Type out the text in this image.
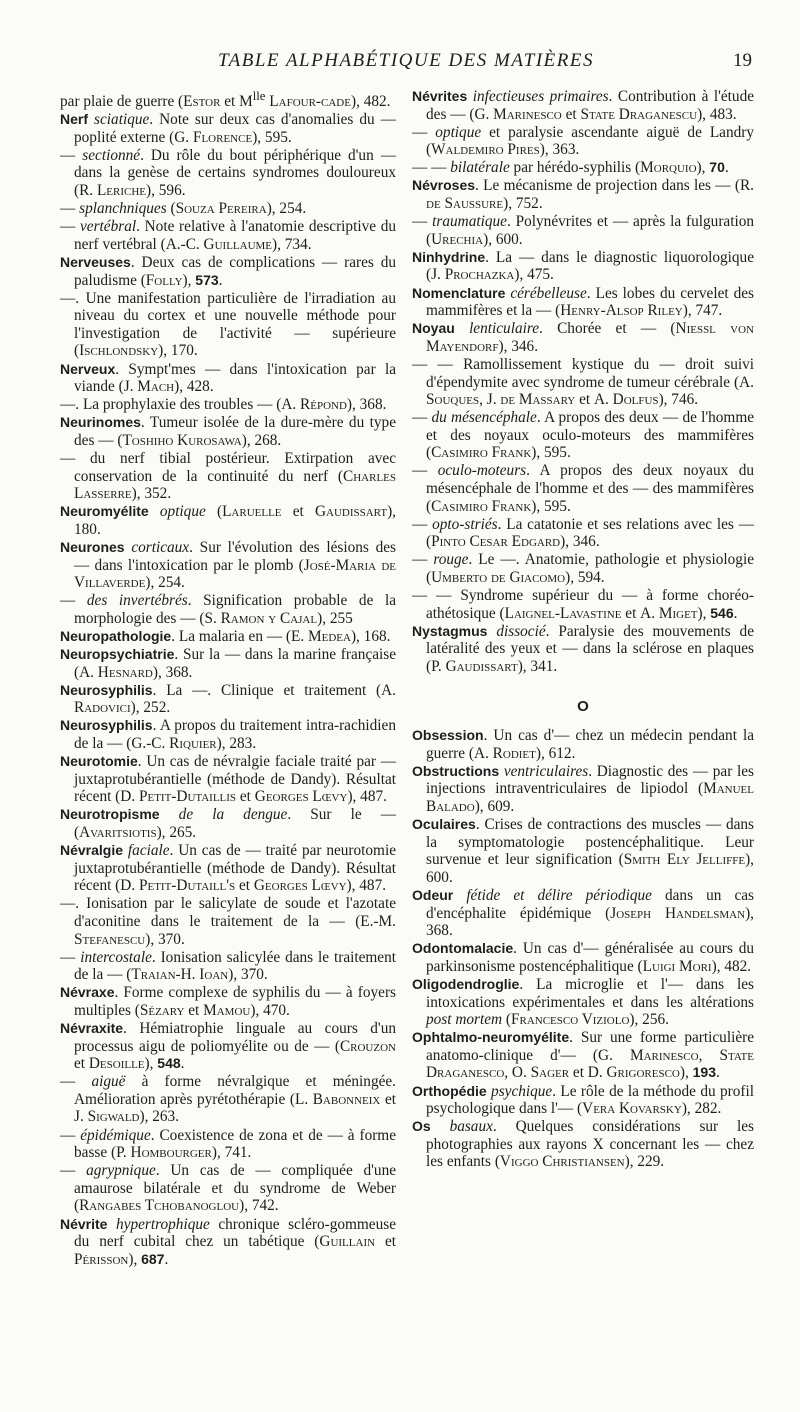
TABLE ALPHABÉTIQUE DES MATIÈRES	19

par plaie de guerre (Estor et $M^{lle}$ Lafour-cade), 482.

Nerf sciatique. Note sur deux cas d'anomalies du — poplité externe (G. Florence), 595.

— sectionné. Du rôle du bout périphérique d'un — dans la genèse de certains syndromes douloureux (R. Leriche), 596.

— splanchniques (Souza Pereira), 254.

— vertébral. Note relative à l'anatomie descriptive du nerf vertébral (A.-C. Guillaume), 734.

Nerveuses. Deux cas de complications — rares du paludisme (Folly), 573.

—. Une manifestation particulière de l'irradiation au niveau du cortex et une nouvelle méthode pour l'investigation de l'activité — supérieure (Ischlondsky), 170.

Nerveux. Sympt'mes — dans l'intoxication par la viande (J. Mach), 428.

—. La prophylaxie des troubles — (A. Répond), 368.

Neurinomes. Tumeur isolée de la dure-mère du type des — (Toshiho Kurosawa), 268.

— du nerf tibial postérieur. Extirpation avec conservation de la continuité du nerf (Charles Lasserre), 352.

Neuromyélite optique (Laruelle et Gaudissart), 180.

Neurones corticaux. Sur l'évolution des lésions des — dans l'intoxication par le plomb (José-Maria de Villaverde), 254.

— des invertébrés. Signification probable de la morphologie des — (S. Ramon y Cajal), 255

Neuropathologie. La malaria en — (E. Medea), 168.

Neuropsychiatrie. Sur la — dans la marine française (A. Hesnard), 368.

Neurosyphilis. La —. Clinique et traitement (A. Radovici), 252.

Neurosyphilis. A propos du traitement intra-rachidien de la — (G.-C. Riquier), 283.

Neurotomie. Un cas de névralgie faciale traité par — juxtaprotubérantielle (méthode de Dandy). Résultat récent (D. Petit-Dutaillis et Georges Lœvy), 487.

Neurotropisme de la dengue. Sur le — (Avaritsiotis), 265.

Névralgie faciale. Un cas de — traité par neurotomie juxtaprotubérantielle (méthode de Dandy). Résultat récent (D. Petit-Dutaill's et Georges Lœvy), 487.

—. Ionisation par le salicylate de soude et l'azotate d'aconitine dans le traitement de la — (E.-M. Stefanescu), 370.

— intercostale. Ionisation salicylée dans le traitement de la — (Traian-H. Ioan), 370.

Névraxe. Forme complexe de syphilis du — à foyers multiples (Sézary et Mamou), 470.

Névraxite. Hémiatrophie linguale au cours d'un processus aigu de poliomyélite ou de — (Crouzon et Desoille), 548.

— aiguë à forme névralgique et méningée. Amélioration après pyrétothérapie (L. Babonneix et J. Sigwald), 263.

— épidémique. Coexistence de zona et de — à forme basse (P. Hombourger), 741.

— agrypnique. Un cas de — compliquée d'une amaurose bilatérale et du syndrome de Weber (Rangabes Tchobanoglou), 742.

Névrite hypertrophique chronique scléro-gommeuse du nerf cubital chez un tabétique (Guillain et Périsson), 687.

Névrites infectieuses primaires. Contribution à l'étude des — (G. Marinesco et State Draganescu), 483.

— optique et paralysie ascendante aiguë de Landry (Waldemiro Pires), 363.

— — bilatérale par hérédo-syphilis (Morquio), 70.

Névroses. Le mécanisme de projection dans les — (R. de Saussure), 752.

— traumatique. Polynévrites et — après la fulguration (Urechia), 600.

Ninhydrine. La — dans le diagnostic liquorologique (J. Prochazka), 475.

Nomenclature cérébelleuse. Les lobes du cervelet des mammifères et la — (Henry-Alsop Riley), 747.

Noyau lenticulaire. Chorée et — (Niessl von Mayendorf), 346.

— — Ramollissement kystique du — droit suivi d'épendymite avec syndrome de tumeur cérébrale (A. Souques, J. de Massary et A. Dolfus), 746.

— du mésencéphale. A propos des deux — de l'homme et des noyaux oculo-moteurs des mammifères (Casimiro Frank), 595.

— oculo-moteurs. A propos des deux noyaux du mésencéphale de l'homme et des — des mammifères (Casimiro Frank), 595.

— opto-striés. La catatonie et ses relations avec les — (Pinto Cesar Edgard), 346.

— rouge. Le —. Anatomie, pathologie et physiologie (Umberto de Giacomo), 594.

— — Syndrome supérieur du — à forme choréo-athétosique (Laignel-Lavastine et A. Miget), 546.

Nystagmus dissocié. Paralysie des mouvements de latéralité des yeux et — dans la sclérose en plaques (P. Gaudissart), 341.

O

Obsession. Un cas d'— chez un médecin pendant la guerre (A. Rodiet), 612.

Obstructions ventriculaires. Diagnostic des — par les injections intraventriculaires de lipiodol (Manuel Balado), 609.

Oculaires. Crises de contractions des muscles — dans la symptomatologie postencéphalitique. Leur survenue et leur signification (Smith Ely Jelliffe), 600.

Odeur fétide et délire périodique dans un cas d'encéphalite épidémique (Joseph Handelsman), 368.

Odontomalacie. Un cas d'— généralisée au cours du parkinsonisme postencéphalitique (Luigi Mori), 482.

Oligodendroglie. La microglie et l'— dans les intoxications expérimentales et dans les altérations post mortem (Francesco Viziolo), 256.

Ophtalmo-neuromyélite. Sur une forme particulière anatomo-clinique d'— (G. Marinesco, State Draganesco, O. Sager et D. Grigoresco), 193.

Orthopédie psychique. Le rôle de la méthode du profil psychologique dans l'— (Vera Kovarsky), 282.

Os basaux. Quelques considérations sur les photographies aux rayons X concernant les — chez les enfants (Viggo Christiansen), 229.
